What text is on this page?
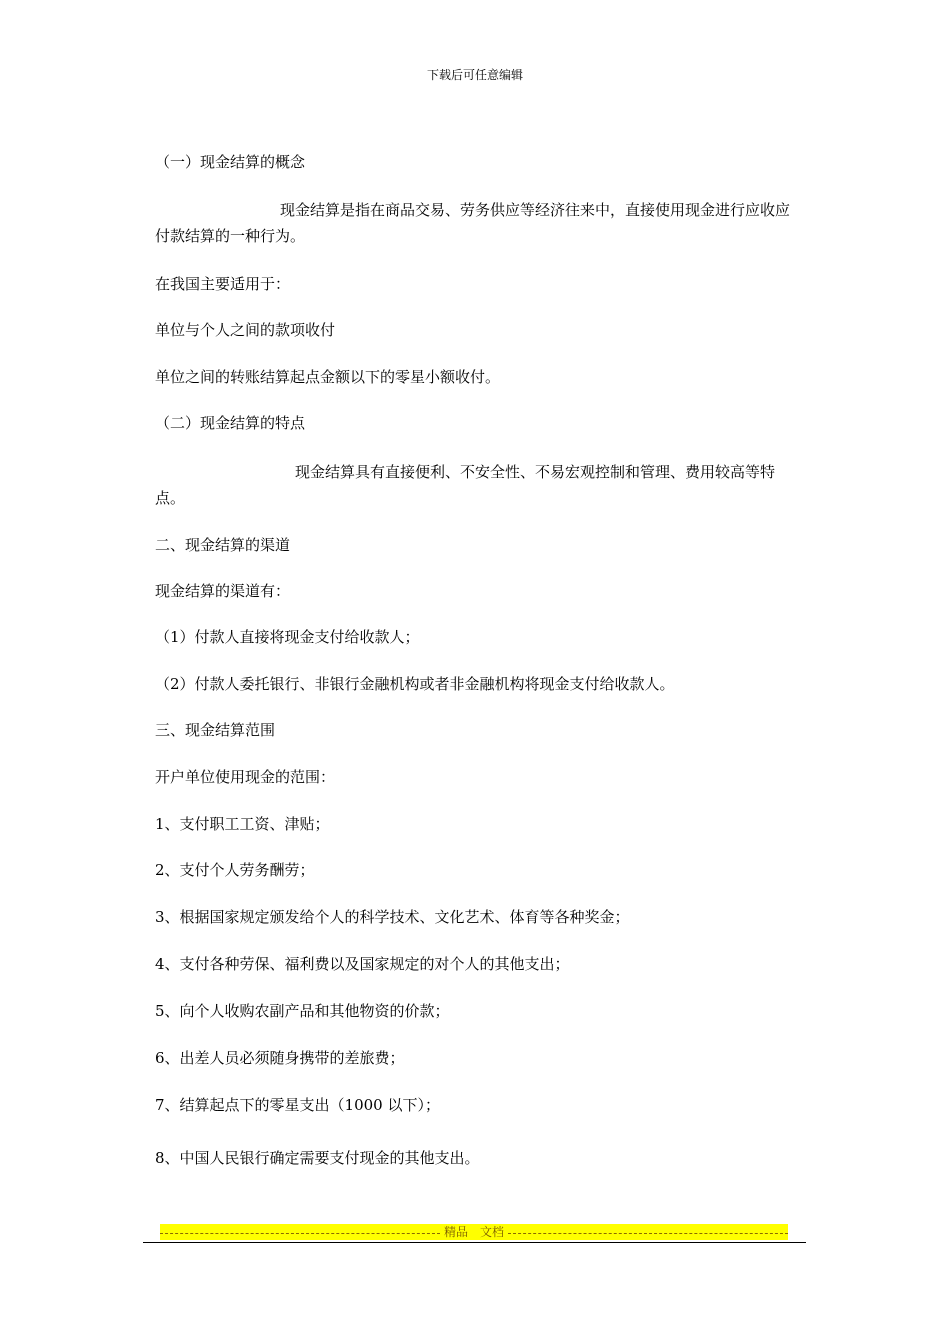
下载后可任意编辑
（一）现金结算的概念
现金结算是指在商品交易、劳务供应等经济往来中，直接使用现金进行应收应付款结算的一种行为。
在我国主要适用于：
单位与个人之间的款项收付
单位之间的转账结算起点金额以下的零星小额收付。
（二）现金结算的特点
现金结算具有直接便利、不安全性、不易宏观控制和管理、费用较高等特点。
二、现金结算的渠道
现金结算的渠道有：
（1）付款人直接将现金支付给收款人；
（2）付款人委托银行、非银行金融机构或者非金融机构将现金支付给收款人。
三、现金结算范围
开户单位使用现金的范围：
1、支付职工工资、津贴；
2、支付个人劳务酬劳；
3、根据国家规定颁发给个人的科学技术、文化艺术、体育等各种奖金；
4、支付各种劳保、福利费以及国家规定的对个人的其他支出；
5、向个人收购农副产品和其他物资的价款；
6、出差人员必须随身携带的差旅费；
7、结算起点下的零星支出（1000 以下）；
8、中国人民银行确定需要支付现金的其他支出。
精品　文档
